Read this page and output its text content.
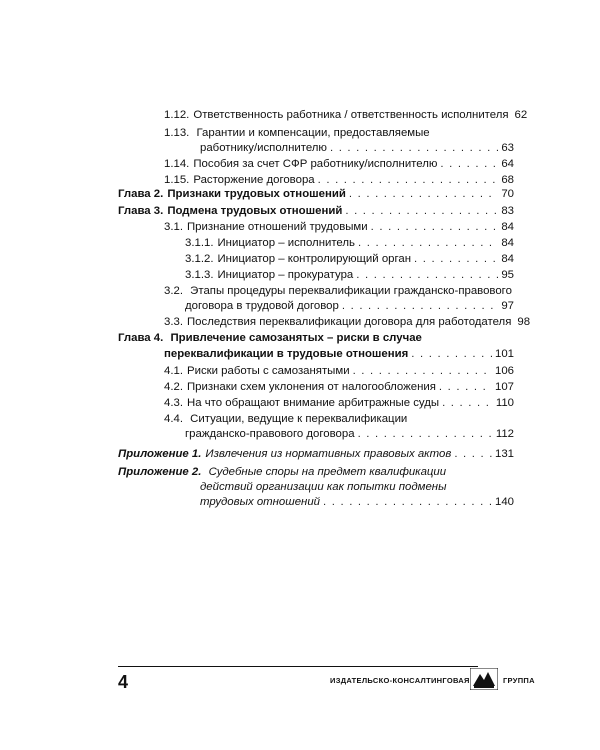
1.12. Ответственность работника / ответственность исполнителя 62
1.13. Гарантии и компенсации, предоставляемые
работнику/исполнителю . . .	63
1.14. Пособия за счет СФР работнику/исполнителю . . .	64
1.15. Расторжение договора . . .	68
Глава 2. Признаки трудовых отношений . . .	70
Глава 3. Подмена трудовых отношений . . .	83
3.1. Признание отношений трудовыми . . .	84
3.1.1. Инициатор – исполнитель . . .	84
3.1.2. Инициатор – контролирующий орган . . .	84
3.1.3. Инициатор – прокуратура . . .	95
3.2. Этапы процедуры переквалификации гражданско-правового
договора в трудовой договор . . .	97
3.3. Последствия переквалификации договора для работодателя 98
Глава 4. Привлечение самозанятых – риски в случае
переквалификации в трудовые отношения . . .	101
4.1. Риски работы с самозанятыми . . .	106
4.2. Признаки схем уклонения от налогообложения . . .	107
4.3. На что обращают внимание арбитражные суды . . .	110
4.4. Ситуации, ведущие к переквалификации
гражданско-правового договора . . .	112
Приложение 1. Извлечения из нормативных правовых актов . . .	131
Приложение 2. Судебные споры на предмет квалификации
действий организации как попытки подмены
трудовых отношений . . .	140
4	ИЗДАТЕЛЬСКО-КОНСАЛТИНГОВАЯ	ГРУППА
